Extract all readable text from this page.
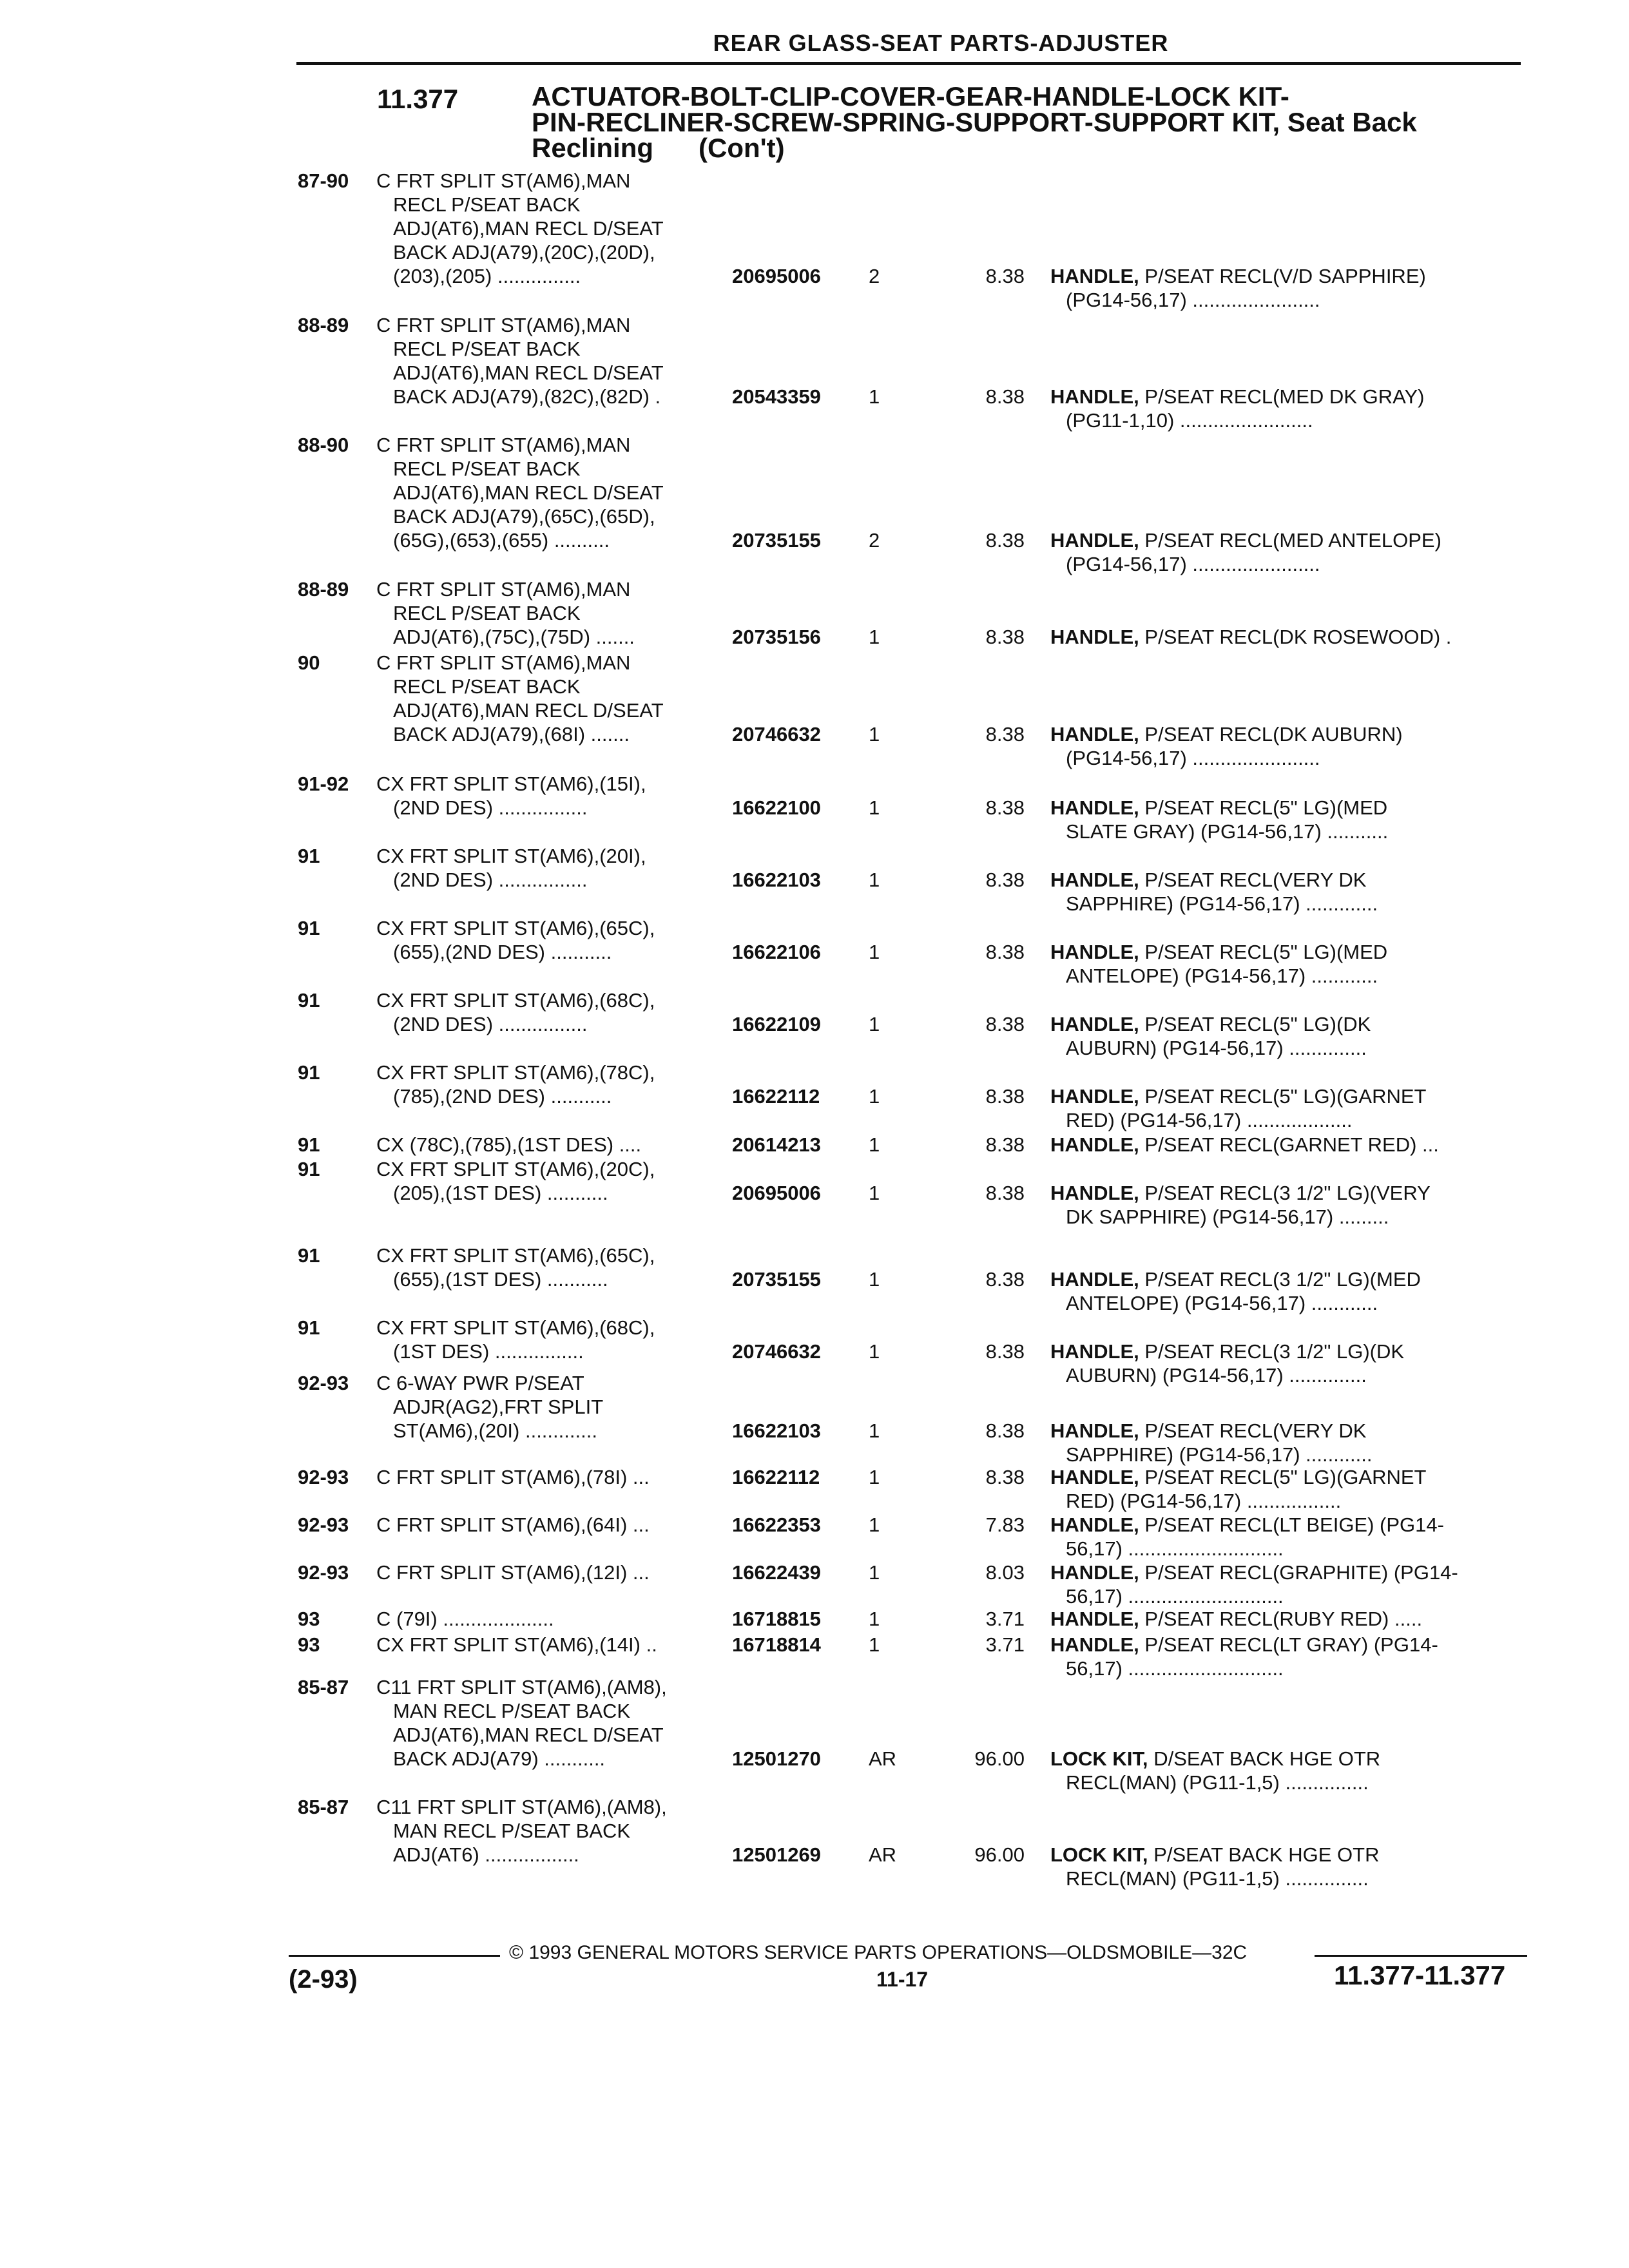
REAR GLASS-SEAT PARTS-ADJUSTER
11.377	ACTUATOR-BOLT-CLIP-COVER-GEAR-HANDLE-LOCK KIT-
PIN-RECLINER-SCREW-SPRING-SUPPORT-SUPPORT KIT, Seat Back
Reclining (Con't)
87-90 C FRT SPLIT ST(AM6),MAN
RECL P/SEAT BACK
ADJ(AT6),MAN RECL D/SEAT
BACK ADJ(A79),(20C),(20D),
(203),(205) ...............	20695006 2	8.38 HANDLE, P/SEAT RECL(V/D SAPPHIRE)
(PG14-56,17) .......................
88-89 C FRT SPLIT ST(AM6),MAN
RECL P/SEAT BACK
ADJ(AT6),MAN RECL D/SEAT
BACK ADJ(A79),(82C),(82D) .	20543359 1	8.38 HANDLE, P/SEAT RECL(MED DK GRAY)
(PG11-1,10) ........................
88-90 C FRT SPLIT ST(AM6),MAN
RECL P/SEAT BACK
ADJ(AT6),MAN RECL D/SEAT
BACK ADJ(A79),(65C),(65D),
(65G),(653),(655) ..........	20735155 2	8.38 HANDLE, P/SEAT RECL(MED ANTELOPE)
(PG14-56,17) .......................
88-89 C FRT SPLIT ST(AM6),MAN
RECL P/SEAT BACK
ADJ(AT6),(75C),(75D) .......	20735156 1	8.38 HANDLE, P/SEAT RECL(DK ROSEWOOD) .
90	C FRT SPLIT ST(AM6),MAN
RECL P/SEAT BACK
ADJ(AT6),MAN RECL D/SEAT
BACK ADJ(A79),(68I) .......	20746632 1	8.38 HANDLE, P/SEAT RECL(DK AUBURN)
(PG14-56,17) .......................
91-92 CX FRT SPLIT ST(AM6),(15I),
(2ND DES) ................	16622100 1	8.38 HANDLE, P/SEAT RECL(5" LG)(MED
SLATE GRAY) (PG14-56,17) ...........
91	CX FRT SPLIT ST(AM6),(20I),
(2ND DES) ................	16622103 1	8.38 HANDLE, P/SEAT RECL(VERY DK
SAPPHIRE) (PG14-56,17) .............
91	CX FRT SPLIT ST(AM6),(65C),
(655),(2ND DES) ...........	16622106 1	8.38 HANDLE, P/SEAT RECL(5" LG)(MED
ANTELOPE) (PG14-56,17) ............
91	CX FRT SPLIT ST(AM6),(68C),
(2ND DES) ................	16622109 1	8.38 HANDLE, P/SEAT RECL(5" LG)(DK
AUBURN) (PG14-56,17) ..............
91	CX FRT SPLIT ST(AM6),(78C),
(785),(2ND DES) ...........	16622112 1	8.38 HANDLE, P/SEAT RECL(5" LG)(GARNET
RED) (PG14-56,17) ...................
91	CX (78C),(785),(1ST DES) ....	20614213 1	8.38 HANDLE, P/SEAT RECL(GARNET RED) ...
91	CX FRT SPLIT ST(AM6),(20C),
(205),(1ST DES) ...........	20695006 1	8.38 HANDLE, P/SEAT RECL(3 1/2" LG)(VERY
DK SAPPHIRE) (PG14-56,17) .........
91	CX FRT SPLIT ST(AM6),(65C),
(655),(1ST DES) ...........	20735155 1	8.38 HANDLE, P/SEAT RECL(3 1/2" LG)(MED
ANTELOPE) (PG14-56,17) ............
91	CX FRT SPLIT ST(AM6),(68C),
(1ST DES) ................	20746632 1	8.38 HANDLE, P/SEAT RECL(3 1/2" LG)(DK
AUBURN) (PG14-56,17) ..............
92-93 C 6-WAY PWR P/SEAT
ADJR(AG2),FRT SPLIT
ST(AM6),(20I) .............	16622103 1	8.38 HANDLE, P/SEAT RECL(VERY DK
SAPPHIRE) (PG14-56,17) ............
92-93 C FRT SPLIT ST(AM6),(78I) ...	16622112 1	8.38 HANDLE, P/SEAT RECL(5" LG)(GARNET
RED) (PG14-56,17) .................
92-93 C FRT SPLIT ST(AM6),(64I) ...	16622353 1	7.83 HANDLE, P/SEAT RECL(LT BEIGE) (PG14-
56,17) ............................
92-93 C FRT SPLIT ST(AM6),(12I) ...	16622439 1	8.03 HANDLE, P/SEAT RECL(GRAPHITE) (PG14-
56,17) ............................
93	C (79I) ....................	16718815 1	3.71 HANDLE, P/SEAT RECL(RUBY RED) .....
93	CX FRT SPLIT ST(AM6),(14I) ..	16718814 1	3.71 HANDLE, P/SEAT RECL(LT GRAY) (PG14-
56,17) ............................
85-87 C11 FRT SPLIT ST(AM6),(AM8),
MAN RECL P/SEAT BACK
ADJ(AT6),MAN RECL D/SEAT
BACK ADJ(A79) ...........	12501270 AR	96.00 LOCK KIT, D/SEAT BACK HGE OTR
RECL(MAN) (PG11-1,5) ...............
85-87 C11 FRT SPLIT ST(AM6),(AM8),
MAN RECL P/SEAT BACK
ADJ(AT6) .................	12501269 AR	96.00 LOCK KIT, P/SEAT BACK HGE OTR
RECL(MAN) (PG11-1,5) ...............
© 1993 GENERAL MOTORS SERVICE PARTS OPERATIONS—OLDSMOBILE—32C
(2-93)	11-17	11.377-11.377
